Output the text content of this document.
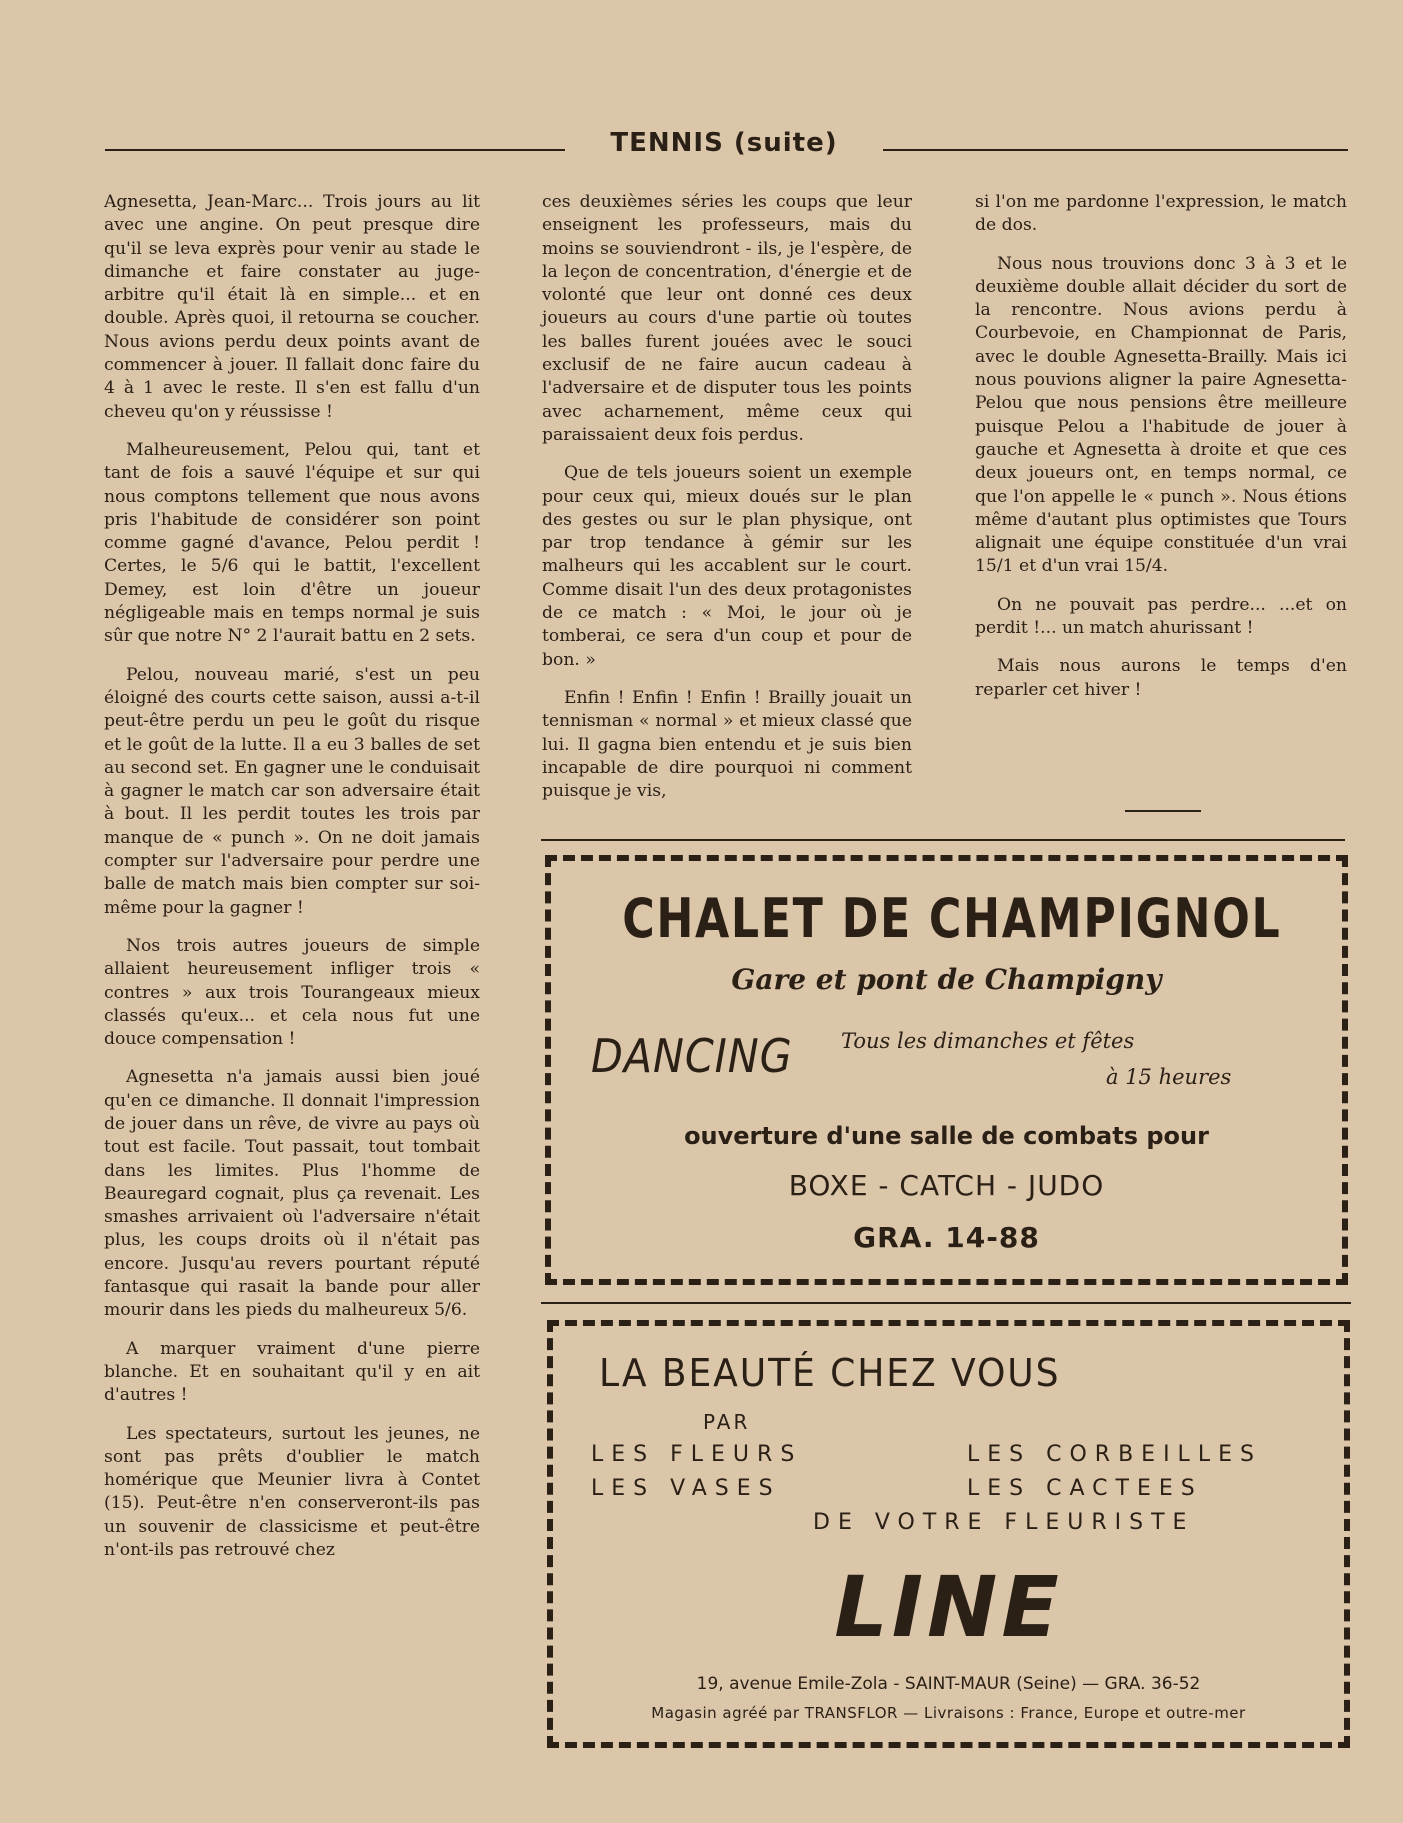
TENNIS (suite)

Agnesetta, Jean-Marc... Trois jours au lit avec une angine. On peut presque dire qu'il se leva exprès pour venir au stade le dimanche et faire constater au juge-arbitre qu'il était là en simple... et en double. Après quoi, il retourna se coucher. Nous avions perdu deux points avant de commencer à jouer. Il fallait donc faire du 4 à 1 avec le reste. Il s'en est fallu d'un cheveu qu'on y réussisse !

Malheureusement, Pelou qui, tant et tant de fois a sauvé l'équipe et sur qui nous comptons tellement que nous avons pris l'habitude de considérer son point comme gagné d'avance, Pelou perdit ! Certes, le 5/6 qui le battit, l'excellent Demey, est loin d'être un joueur négligeable mais en temps normal je suis sûr que notre N° 2 l'aurait battu en 2 sets.

Pelou, nouveau marié, s'est un peu éloigné des courts cette saison, aussi a-t-il peut-être perdu un peu le goût du risque et le goût de la lutte. Il a eu 3 balles de set au second set. En gagner une le conduisait à gagner le match car son adversaire était à bout. Il les perdit toutes les trois par manque de « punch ». On ne doit jamais compter sur l'adversaire pour perdre une balle de match mais bien compter sur soi-même pour la gagner !

Nos trois autres joueurs de simple allaient heureusement infliger trois « contres » aux trois Tourangeaux mieux classés qu'eux... et cela nous fut une douce compensation !

Agnesetta n'a jamais aussi bien joué qu'en ce dimanche. Il donnait l'impression de jouer dans un rêve, de vivre au pays où tout est facile. Tout passait, tout tombait dans les limites. Plus l'homme de Beauregard cognait, plus ça revenait. Les smashes arrivaient où l'adversaire n'était plus, les coups droits où il n'était pas encore. Jusqu'au revers pourtant réputé fantasque qui rasait la bande pour aller mourir dans les pieds du malheureux 5/6.

A marquer vraiment d'une pierre blanche. Et en souhaitant qu'il y en ait d'autres !

Les spectateurs, surtout les jeunes, ne sont pas prêts d'oublier le match homérique que Meunier livra à Contet (15). Peut-être n'en conserveront-ils pas un souvenir de classicisme et peut-être n'ont-ils pas retrouvé chez

ces deuxièmes séries les coups que leur enseignent les professeurs, mais du moins se souviendront - ils, je l'espère, de la leçon de concentration, d'énergie et de volonté que leur ont donné ces deux joueurs au cours d'une partie où toutes les balles furent jouées avec le souci exclusif de ne faire aucun cadeau à l'adversaire et de disputer tous les points avec acharnement, même ceux qui paraissaient deux fois perdus.

Que de tels joueurs soient un exemple pour ceux qui, mieux doués sur le plan des gestes ou sur le plan physique, ont par trop tendance à gémir sur les malheurs qui les accablent sur le court. Comme disait l'un des deux protagonistes de ce match : « Moi, le jour où je tomberai, ce sera d'un coup et pour de bon. »

Enfin ! Enfin ! Enfin ! Brailly jouait un tennisman « normal » et mieux classé que lui. Il gagna bien entendu et je suis bien incapable de dire pourquoi ni comment puisque je vis,

si l'on me pardonne l'expression, le match de dos.

Nous nous trouvions donc 3 à 3 et le deuxième double allait décider du sort de la rencontre. Nous avions perdu à Courbevoie, en Championnat de Paris, avec le double Agnesetta-Brailly. Mais ici nous pouvions aligner la paire Agnesetta-Pelou que nous pensions être meilleure puisque Pelou a l'habitude de jouer à gauche et Agnesetta à droite et que ces deux joueurs ont, en temps normal, ce que l'on appelle le « punch ». Nous étions même d'autant plus optimistes que Tours alignait une équipe constituée d'un vrai 15/1 et d'un vrai 15/4.

On ne pouvait pas perdre... ...et on perdit !... un match ahurissant !

Mais nous aurons le temps d'en reparler cet hiver !

CHALET DE CHAMPIGNOL
Gare et pont de Champigny
DANCING Tous les dimanches et fêtes
à 15 heures
ouverture d'une salle de combats pour
BOXE - CATCH - JUDO
GRA. 14-88
LA BEAUTÉ CHEZ VOUS
PAR
LES FLEURS
LES VASES
LES CORBEILLES
LES CACTEES
DE VOTRE FLEURISTE
LINE
19, avenue Emile-Zola - SAINT-MAUR (Seine) — GRA. 36-52
Magasin agréé par TRANSFLOR — Livraisons : France, Europe et outre-mer
